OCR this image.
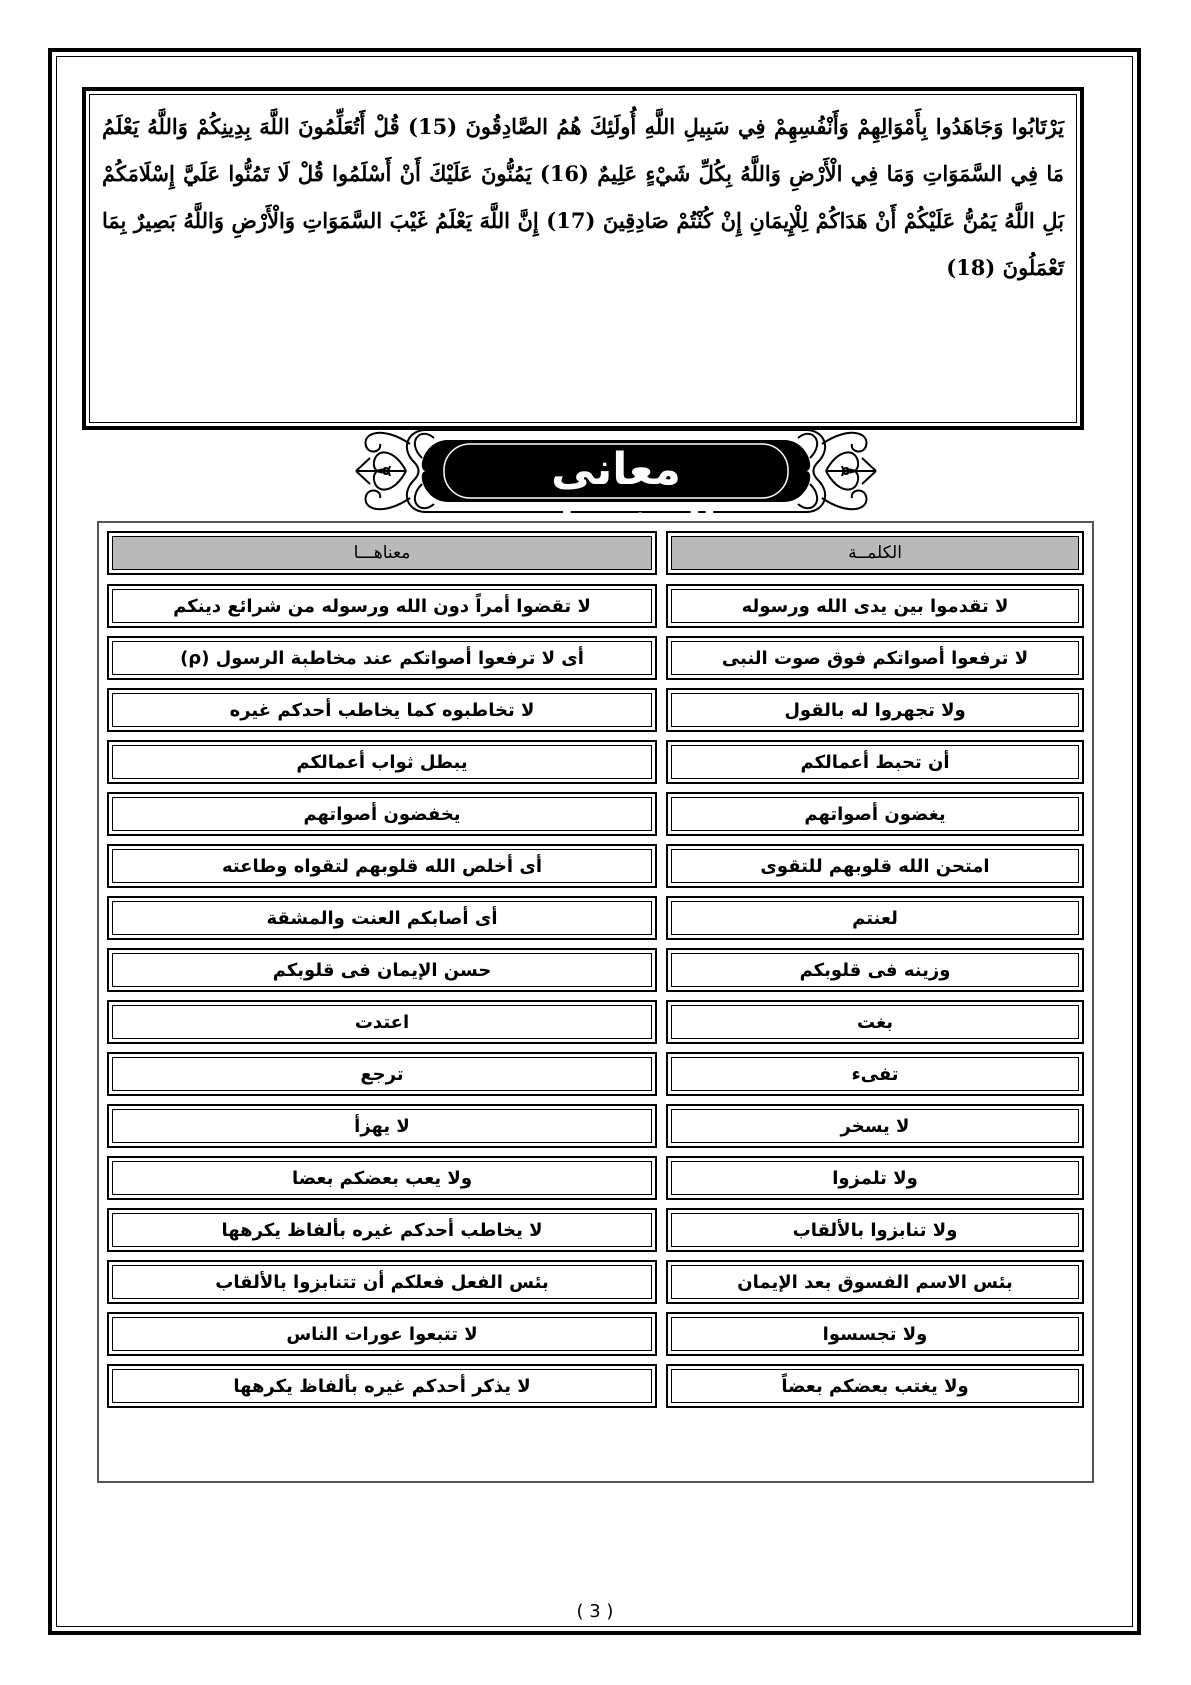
يَرْتَابُوا وَجَاهَدُوا بِأَمْوَالِهِمْ وَأَنْفُسِهِمْ فِي سَبِيلِ اللَّهِ أُولَئِكَ هُمُ الصَّادِقُونَ (15) قُلْ أَتُعَلِّمُونَ اللَّهَ بِدِينِكُمْ وَاللَّهُ يَعْلَمُ مَا فِي السَّمَوَاتِ وَمَا فِي الْأَرْضِ وَاللَّهُ بِكُلِّ شَيْءٍ عَلِيمٌ (16) يَمُنُّونَ عَلَيْكَ أَنْ أَسْلَمُوا قُلْ لَا تَمُنُّوا عَلَيَّ إِسْلَامَكُمْ بَلِ اللَّهُ يَمُنُّ عَلَيْكُمْ أَنْ هَدَاكُمْ لِلْإِيمَانِ إِنْ كُنْتُمْ صَادِقِينَ (17) إِنَّ اللَّهَ يَعْلَمُ غَيْبَ السَّمَوَاتِ وَالْأَرْضِ وَاللَّهُ بَصِيرٌ بِمَا تَعْمَلُونَ (18)

معانى
الكلمــة
معناهـــا
لا تقدموا بين يدى الله ورسوله
لا تقضوا أمراً دون الله ورسوله من شرائع دينكم
لا ترفعوا أصواتكم فوق صوت النبى
أى لا ترفعوا أصواتكم عند مخاطبة الرسول (ρ)
ولا تجهروا له بالقول
لا تخاطبوه كما يخاطب أحدكم غيره
أن تحبط أعمالكم
يبطل ثواب أعمالكم
يغضون أصواتهم
يخفضون أصواتهم
امتحن الله قلوبهم للتقوى
أى أخلص الله قلوبهم لتقواه وطاعته
لعنتم
أى أصابكم العنت والمشقة
وزينه فى قلوبكم
حسن الإيمان فى قلوبكم
بغت
اعتدت
تفىء
ترجع
لا يسخر
لا يهزأ
ولا تلمزوا
ولا يعب بعضكم بعضا
ولا تنابزوا بالألقاب
لا يخاطب أحدكم غيره بألفاظ يكرهها
بئس الاسم الفسوق بعد الإيمان
بئس الفعل فعلكم أن تتنابزوا بالألقاب
ولا تجسسوا
لا تتبعوا عورات الناس
ولا يغتب بعضكم بعضاً
لا يذكر أحدكم غيره بألفاظ يكرهها
( 3 )
